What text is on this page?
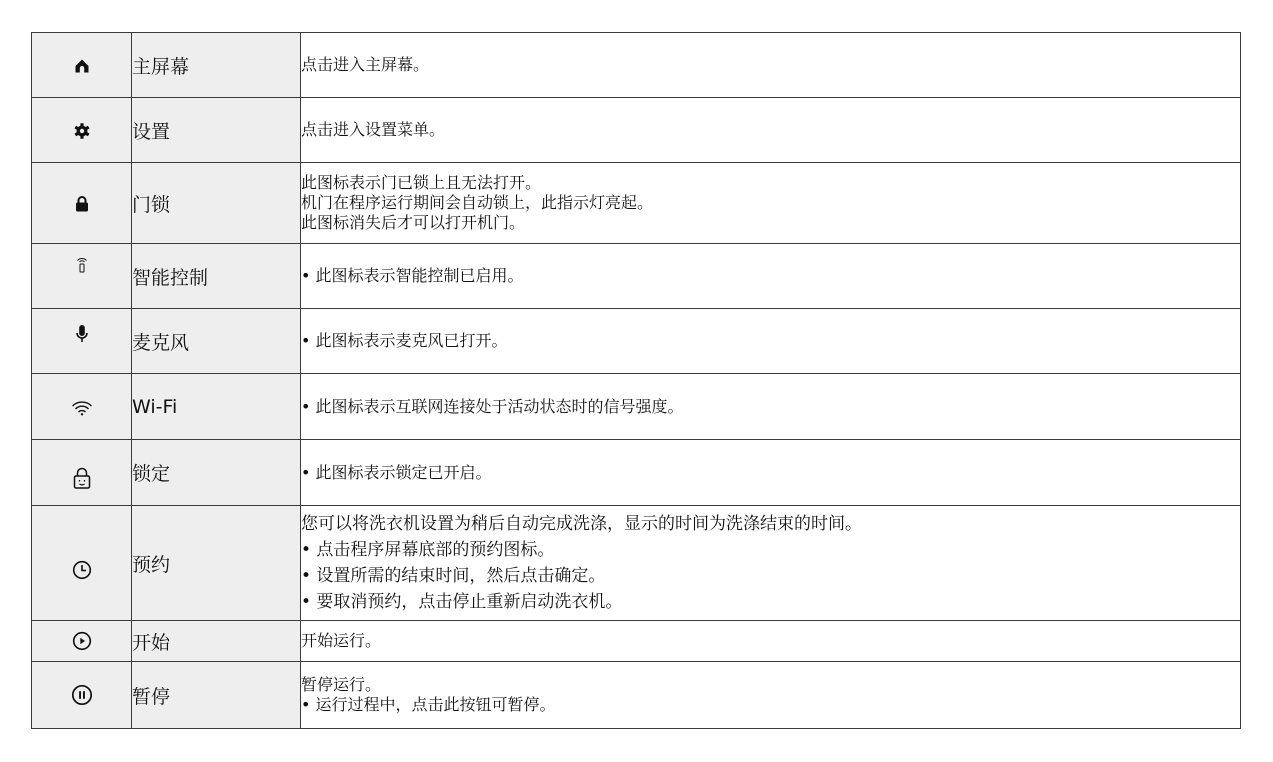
	主屏幕	点击进入主屏幕。

	设置	点击进入设置菜单。

	门锁	此图标表示门已锁上且无法打开。
机门在程序运行期间会自动锁上，此指示灯亮起。
此图标消失后才可以打开机门。

	智能控制	• 此图标表示智能控制已启用。

	麦克风	• 此图标表示麦克风已打开。

	Wi-Fi	• 此图标表示互联网连接处于活动状态时的信号强度。

	锁定	• 此图标表示锁定已开启。

	预约	您可以将洗衣机设置为稍后自动完成洗涤，显示的时间为洗涤结束的时间。
• 点击程序屏幕底部的预约图标。
• 设置所需的结束时间，然后点击确定。
• 要取消预约，点击停止重新启动洗衣机。

	开始	开始运行。

	暂停	暂停运行。
• 运行过程中，点击此按钮可暂停。
